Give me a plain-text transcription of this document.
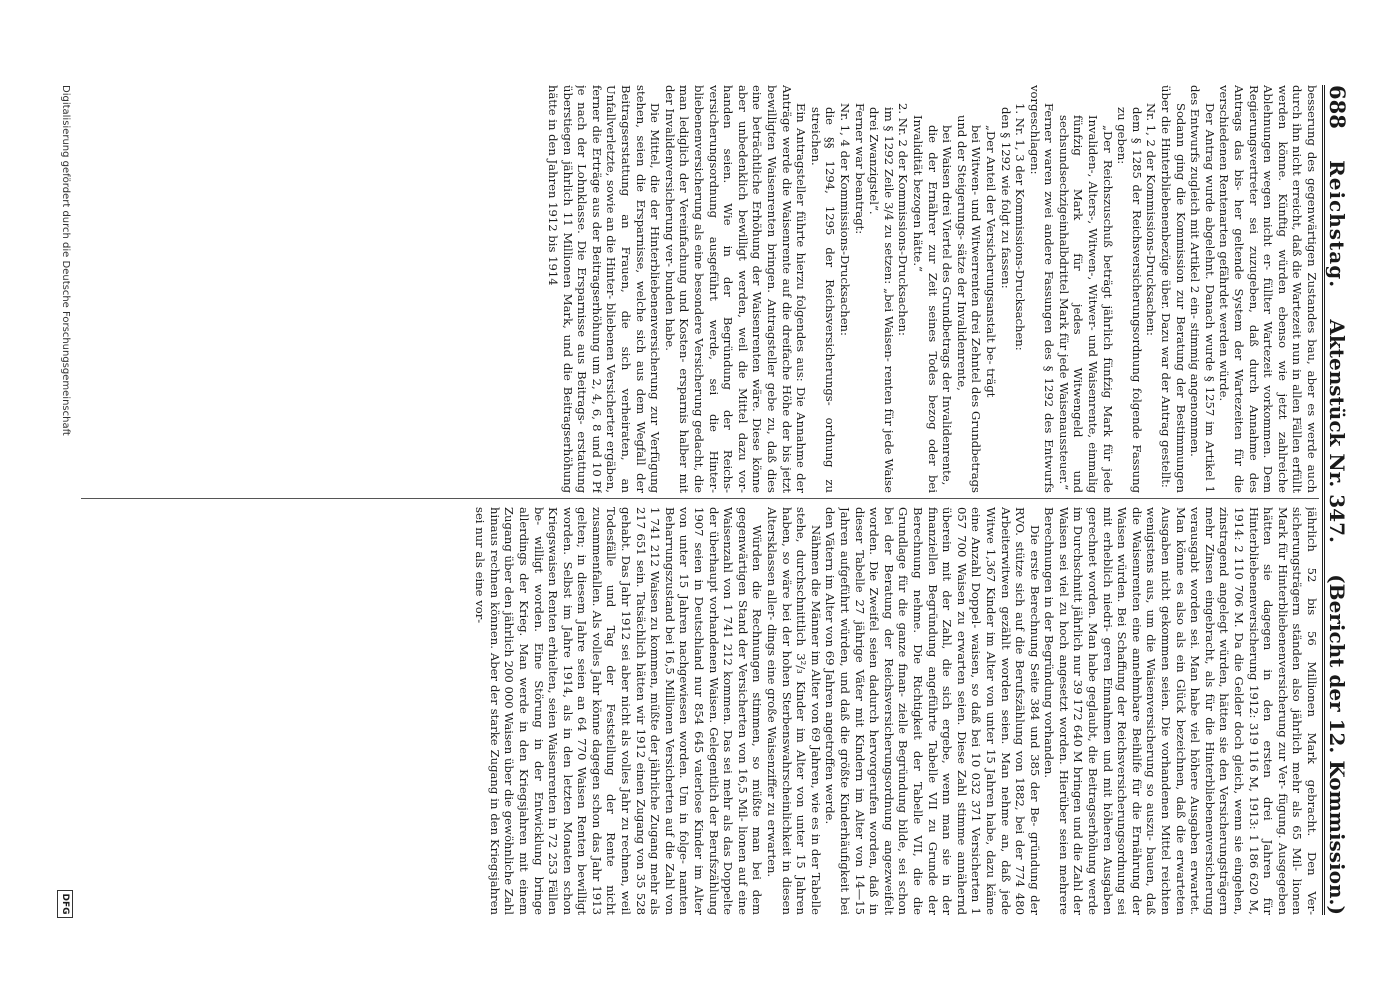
688
Reichstag.
Aktenstück Nr. 347.
(Bericht der 12. Kommission.)

besserung des gegenwärtigen Zustandes bau, aber es werde auch durch ihn nicht erreicht, daß die Wartezeit nun in allen Fällen erfüllt werden könne. Künftig würden ebenso wie jetzt zahlreiche Ablehnungen wegen nicht er- füllter Wartezeit vorkommen. Dem Regierungsvertreter sei zuzugeben, daß durch Annahme des Antrags das bis- her geltende System der Wartezeiten für die verschiedenen Rentenarten gefährdet werden würde.

Der Antrag wurde abgelehnt. Danach wurde § 1257 im Artikel 1 des Entwurfs zugleich mit Artikel 2 ein- stimmig angenommen.

Sodann ging die Kommission zur Beratung der Bestimmungen über die Hinterbliebenenbezüge über. Dazu war der Antrag gestellt:

Nr. 1, 2 der Kommissions-Drucksachen:

dem § 1285 der Reichsversicherungsordnung folgende Fassung zu geben:

„Der Reichszuschuß beträgt jährlich fünfzig Mark für jede Invaliden-, Alters-, Witwen-, Witwer- und Waisenrente, einmalig fünfzig Mark für jedes Witwengeld und sechsundsechzigeinhalbdrittel Mark für jede Waisenaussteuer.“

Ferner waren zwei andere Fassungen des § 1292 des Entwurfs vorgeschlagen:

1. Nr. 1, 3 der Kommissions-Drucksachen:

den § 1292 wie folgt zu fassen:

„Der Anteil der Versicherungsanstalt be- trägt

bei Witwen- und Witwerrenten drei Zehntel des Grundbetrags und der Steigerungs- sätze der Invalidenrente,

bei Waisen drei Viertel des Grundbetrags der Invalidenrente,

die der Ernährer zur Zeit seines Todes bezog oder bei Invalidität bezogen hätte.“

2. Nr. 2 der Kommissions-Drucksachen:

im § 1292 Zeile 3/4 zu setzen: „bei Waisen- renten für jede Waise drei Zwanzigstel“.

Ferner war beantragt:

Nr. 1, 4 der Kommissions-Drucksachen:

die §§ 1294, 1295 der Reichsversicherungs- ordnung zu streichen.

Ein Antragsteller führte hierzu folgendes aus: Die Annahme der Anträge werde die Waisenrente auf die dreifache Höhe der bis jetzt bewilligten Waisenrenten bringen. Antragsteller gebe zu, daß dies eine beträchtliche Erhöhung der Waisenrenten wäre. Diese könne aber unbedenklich bewilligt werden, weil die Mittel dazu vor- handen seien. Wie in der Begründung der Reichs- versicherungsordnung ausgeführt werde, sei die Hinter- bliebenenversicherung als eine besondere Versicherung gedacht, die man lediglich der Vereinfachung und Kosten- ersparnis halber mit der Invalidenversicherung ver- bunden habe.

Die Mittel, die der Hinterbliebenenversicherung zur Verfügung stehen, seien die Ersparnisse, welche sich aus dem Wegfall der Beitragserstattung an Frauen, die sich verheiraten, an Unfallverletzte, sowie an die Hinter- bliebenen Versicherter ergäben, ferner die Erträge aus der Beitragserhöhung um 2, 4, 6, 8 und 10 Pf je nach der Lohnklasse. Die Ersparnisse aus Beitrags- erstattung überstiegen jährlich 11 Millionen Mark, und die Beitragserhöhung hätte in den Jahren 1912 bis 1914

jährlich 52 bis 56 Millionen Mark gebracht. Den Ver- sicherungsträgern ständen also jährlich mehr als 65 Mil- lionen Mark für Hinterbliebenenversicherung zur Ver- fügung. Ausgegeben hätten sie dagegen in den ersten drei Jahren für Hinterbliebenenversicherung 1912: 319 116 M, 1913: 1 186 620 M, 1914: 2 110 706 M. Da die Gelder doch gleich, wenn sie eingehen, zinstragend angelegt würden, hätten sie den Versicherungsträgern mehr Zinsen eingebracht, als für die Hinterbliebenenversicherung verausgabt worden sei. Man habe viel höhere Ausgaben erwartet. Man könne es also als ein Glück bezeichnen, daß die erwarteten Ausgaben nicht gekommen seien. Die vorhandenen Mittel reichten wenigstens aus, um die Waisenversicherung so auszu- bauen, daß die Waisenrenten eine annehmbare Beihilfe für die Ernährung der Waisen würden. Bei Schaffung der Reichsversicherungsordnung sei mit erheblich niedri- geren Einnahmen und mit höheren Ausgaben gerechnet worden. Man habe geglaubt, die Beitragserhöhung werde im Durchschnitt jährlich nur 39 172 640 M bringen und die Zahl der Waisen sei viel zu hoch angesetzt worden. Hierüber seien mehrere Berechnungen in der Begründung vorhanden.

Die erste Berechnung Seite 384 und 385 der Be- gründung der RVO. stütze sich auf die Berufszählung von 1882, bei der 774 480 Arbeiterwitwen gezählt worden seien. Man nehme an, daß jede Witwe 1,367 Kinder im Alter von unter 15 Jahren habe, dazu käme eine Anzahl Doppel- waisen, so daß bei 10 032 371 Versicherten 1 057 700 Waisen zu erwarten seien. Diese Zahl stimme annähernd überein mit der Zahl, die sich ergebe, wenn man sie in der finanziellen Begründung angeführte Tabelle VII zu Grunde der Berechnung nehme. Die Richtigkeit der Tabelle VII, die die Grundlage für die ganze finan- zielle Begründung bilde, sei schon bei der Beratung der Reichsversicherungsordnung angezweifelt worden. Die Zweifel seien dadurch hervorgerufen worden, daß in dieser Tabelle 27 jährige Väter mit Kindern im Alter von 14—15 Jahren aufgeführt würden, und daß die größte Kinderhäufigkeit bei den Vätern im Alter von 69 Jahren angetroffen werde.

Nähmen die Männer im Alter von 69 Jahren, wie es in der Tabelle stehe, durchschnittlich 3²/₃ Kinder im Alter von unter 15 Jahren haben, so wäre bei der hohen Sterbenswahrscheinlichkeit in diesen Altersklassen aller- dings eine große Waisenziffer zu erwarten.

Würden die Rechnungen stimmen, so müßte man bei dem gegenwärtigen Stand der Versicherten von 16,5 Mil- lionen auf eine Waisenzahl von 1 741 212 kommen. Das sei mehr als das Doppelte der überhaupt vorhandenen Waisen. Gelegentlich der Berufszählung 1907 seien in Deutschland nur 854 645 vaterlose Kinder im Alter von unter 15 Jahren nachgewiesen worden. Um in folge- namten Beharrungszustand bei 16,5 Millionen Versicherten auf die Zahl von 1 741 212 Waisen zu kommen, müßte der jährliche Zugang mehr als 217 651 sein. Tatsächlich hätten wir 1912 einen Zugang von 35 528 gehabt. Das Jahr 1912 sei aber nicht als volles Jahr zu rechnen, weil Todesfälle und Tag der Feststellung der Rente nicht zusammenfallen. Als volles Jahr könne dagegen schon das Jahr 1913 gelten; in diesem Jahre seien an 64 770 Waisen Renten bewilligt worden. Selbst im Jahre 1914, als in den letzten Monaten schon Kriegswaisen Renten erhielten, seien Waisenrenten in 72 253 Fällen be- willigt worden. Eine Störung in der Entwicklung bringe allerdings der Krieg. Man werde in den Kriegsjahren mit einem Zugang über den jährlich 200 000 Waisen über die gewöhnliche Zahl hinaus rechnen können. Aber der starke Zugang in den Kriegsjahren sei nur als eine vor-

Digitalisierung gefördert durch die Deutsche Forschungsgemeinschaft
DFG
